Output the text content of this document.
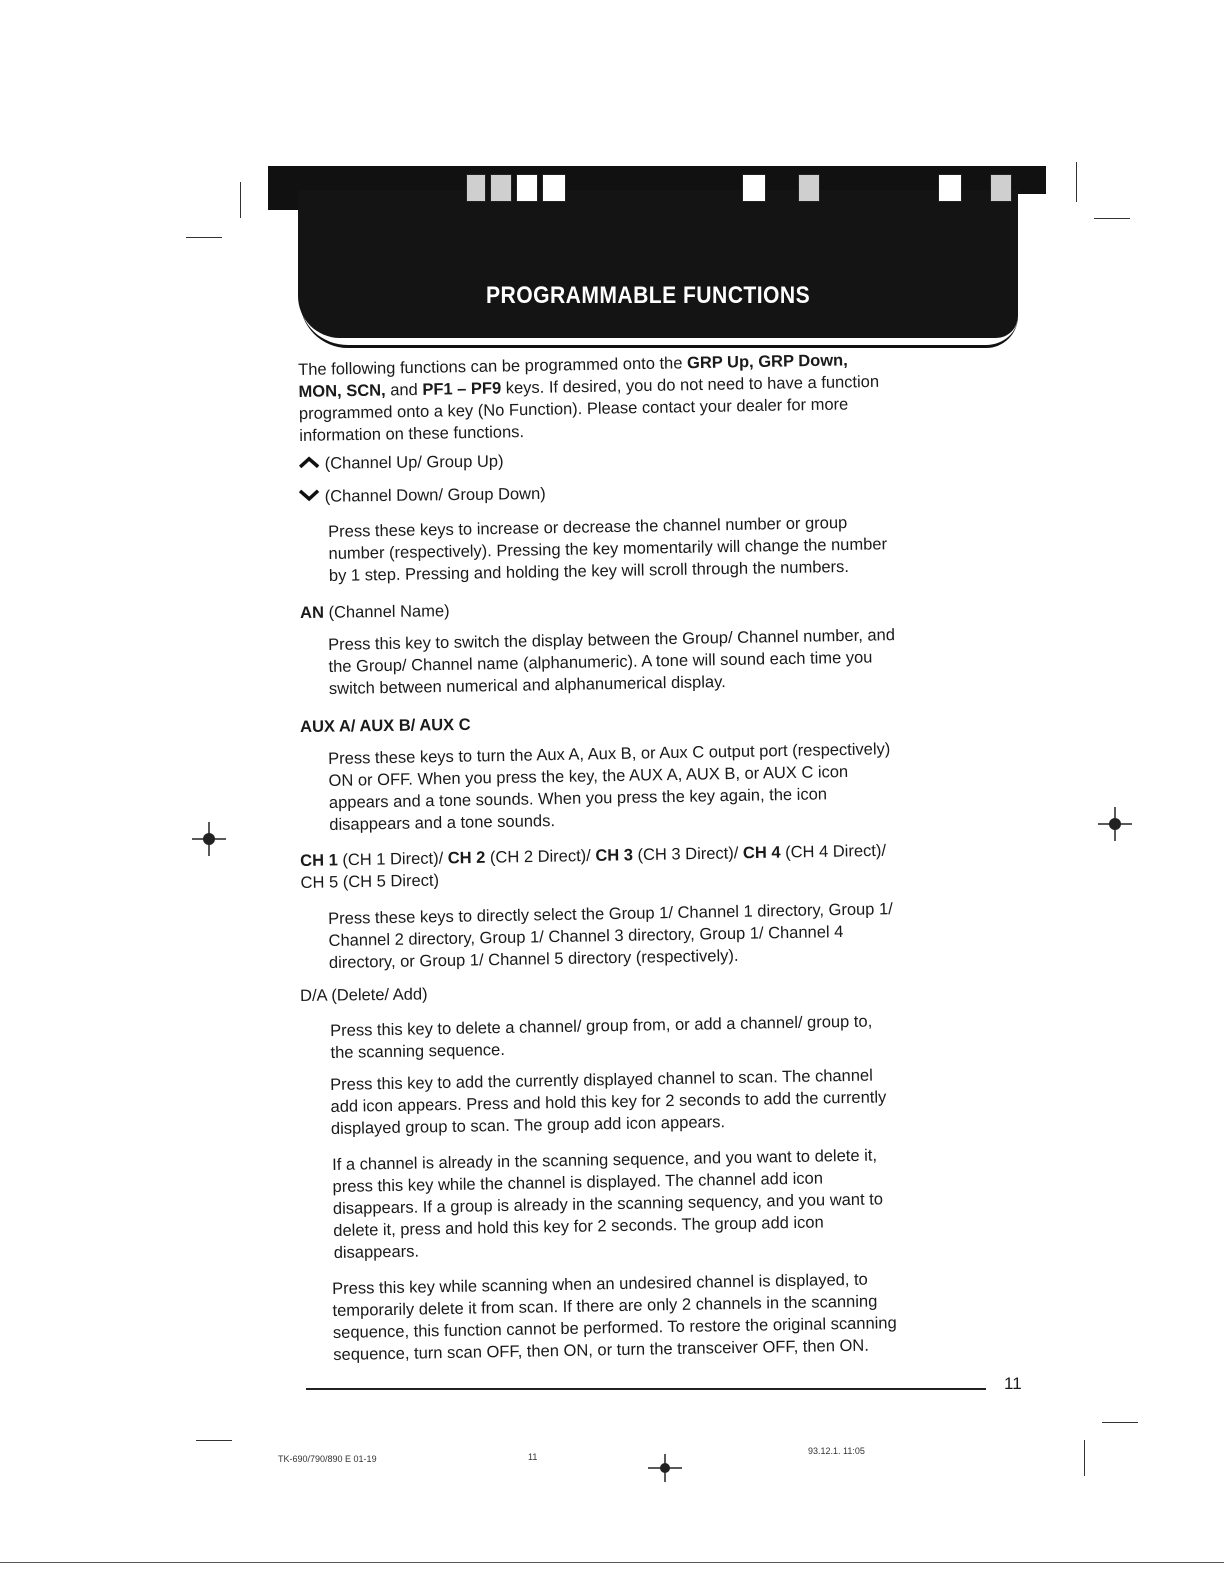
PROGRAMMABLE FUNCTIONS
The following functions can be programmed onto the GRP Up, GRP Down,
MON, SCN, and PF1 – PF9 keys. If desired, you do not need to have a function
programmed onto a key (No Function). Please contact your dealer for more
information on these functions.
(Channel Up/ Group Up)
(Channel Down/ Group Down)
Press these keys to increase or decrease the channel number or group
number (respectively). Pressing the key momentarily will change the number
by 1 step. Pressing and holding the key will scroll through the numbers.
AN (Channel Name)
Press this key to switch the display between the Group/ Channel number, and
the Group/ Channel name (alphanumeric). A tone will sound each time you
switch between numerical and alphanumerical display.
AUX A/ AUX B/ AUX C
Press these keys to turn the Aux A, Aux B, or Aux C output port (respectively)
ON or OFF. When you press the key, the AUX A, AUX B, or AUX C icon
appears and a tone sounds. When you press the key again, the icon
disappears and a tone sounds.
CH 1 (CH 1 Direct)/ CH 2 (CH 2 Direct)/ CH 3 (CH 3 Direct)/ CH 4 (CH 4 Direct)/
CH 5 (CH 5 Direct)
Press these keys to directly select the Group 1/ Channel 1 directory, Group 1/
Channel 2 directory, Group 1/ Channel 3 directory, Group 1/ Channel 4
directory, or Group 1/ Channel 5 directory (respectively).
D/A (Delete/ Add)
Press this key to delete a channel/ group from, or add a channel/ group to,
the scanning sequence.
Press this key to add the currently displayed channel to scan. The channel
add icon appears. Press and hold this key for 2 seconds to add the currently
displayed group to scan. The group add icon appears.
If a channel is already in the scanning sequence, and you want to delete it,
press this key while the channel is displayed. The channel add icon
disappears. If a group is already in the scanning sequency, and you want to
delete it, press and hold this key for 2 seconds. The group add icon
disappears.
Press this key while scanning when an undesired channel is displayed, to
temporarily delete it from scan. If there are only 2 channels in the scanning
sequence, this function cannot be performed. To restore the original scanning
sequence, turn scan OFF, then ON, or turn the transceiver OFF, then ON.
11
TK-690/790/890 E 01-19	11
93.12.1. 11:05
